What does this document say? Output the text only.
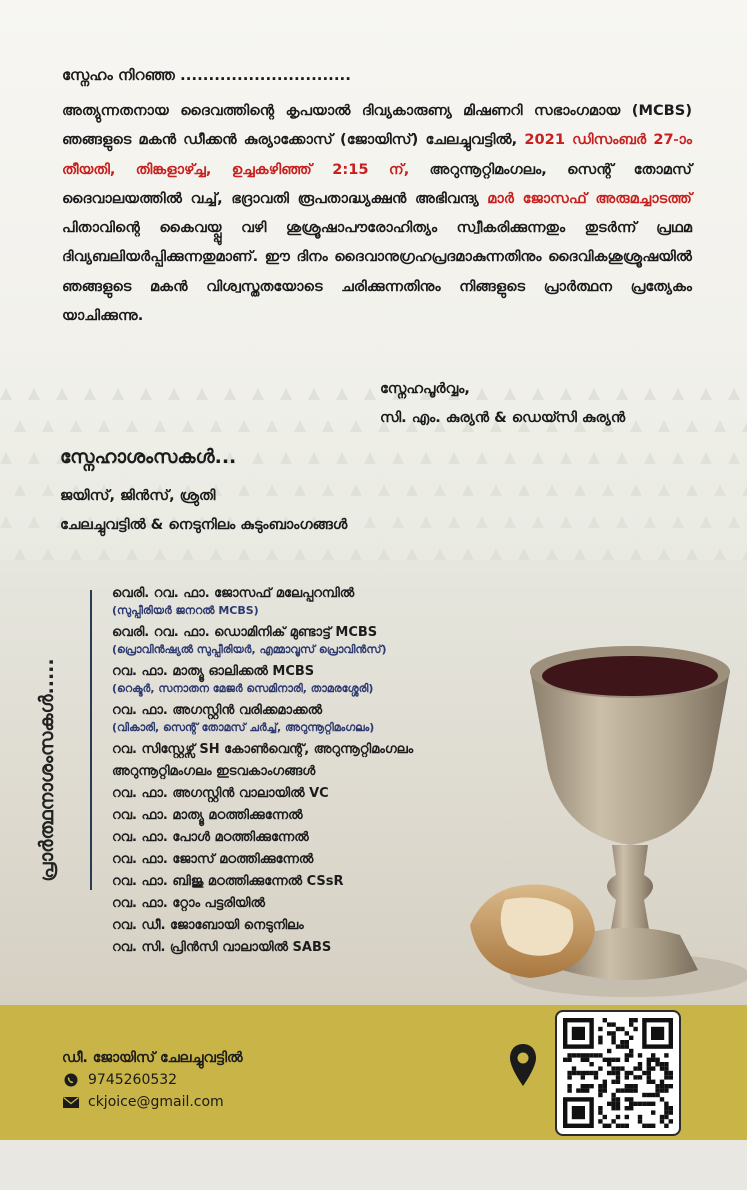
സ്നേഹം നിറഞ്ഞ ..............................
അത്യുന്നതനായ ദൈവത്തിന്റെ കൃപയാൽ ദിവ്യകാരുണ്യ മിഷണറി സഭാംഗമായ (MCBS) ഞങ്ങളുടെ മകൻ ഡീക്കൻ കുര്യാക്കോസ് (ജോയിസ്) ചേലച്ചുവട്ടിൽ, 2021 ഡിസംബർ 27-ാം തീയതി, തിങ്കളാഴ്ച്ച, ഉച്ചകഴിഞ്ഞ് 2:15 ന്, അറുന്നൂറ്റിമംഗലം, സെന്റ് തോമസ് ദൈവാലയത്തിൽ വച്ച്, ഭദ്രാവതി രൂപതാദ്ധ്യക്ഷൻ അഭിവന്ദ്യ മാർ ജോസഫ് അരുമച്ചാടത്ത് പിതാവിന്റെ കൈവയ്പ്പു വഴി ശുശ്രൂഷാപൗരോഹിത്യം സ്വീകരിക്കുന്നതും തുടർന്ന് പ്രഥമ ദിവ്യബലിയർപ്പിക്കുന്നതുമാണ്. ഈ ദിനം ദൈവാനുഗ്രഹപ്രദമാകുന്നതിനും ദൈവികശുശ്രൂഷയിൽ ഞങ്ങളുടെ മകൻ വിശ്വസ്തതയോടെ ചരിക്കുന്നതിനും നിങ്ങളുടെ പ്രാർത്ഥന പ്രത്യേകം യാചിക്കുന്നു.
സ്നേഹപൂർവ്വം,
സി. എം. കുര്യൻ & ഡെയ്സി കുര്യൻ
സ്നേഹാശംസകൾ...
ജയിസ്, ജിൻസ്, ശ്രുതി
ചേലച്ചുവട്ടിൽ & നെടുനിലം കുടുംബാംഗങ്ങൾ
പ്രാർത്ഥനാശംസകൾ.....
വെരി. റവ. ഫാ. ജോസഫ് മലേപ്പറമ്പിൽ
(സുപ്പീരിയർ ജനറൽ MCBS)
വെരി. റവ. ഫാ. ഡൊമിനിക് മുണ്ടാട്ട് MCBS
(പ്രൊവിൻഷ്യൽ സുപ്പീരിയർ, എമ്മാവൂസ് പ്രൊവിൻസ്)
റവ. ഫാ. മാത്യൂ ഓലിക്കൽ MCBS
(റെക്ടർ, സനാതന മേജർ സെമിനാരി, താമരശ്ശേരി)
റവ. ഫാ. അഗസ്റ്റിൻ വരിക്കമാക്കൽ
(വികാരി, സെന്റ് തോമസ് ചർച്ച്, അറുന്നൂറ്റിമംഗലം)
റവ. സിസ്റ്റേഴ്സ് SH കോൺവെന്റ്, അറുന്നൂറ്റിമംഗലം
അറുന്നൂറ്റിമംഗലം ഇടവകാംഗങ്ങൾ
റവ. ഫാ. അഗസ്റ്റിൻ വാലായിൽ VC
റവ. ഫാ. മാത്യൂ മഠത്തിക്കുന്നേൽ
റവ. ഫാ. പോൾ മഠത്തിക്കുന്നേൽ
റവ. ഫാ. ജോസ് മഠത്തിക്കുന്നേൽ
റവ. ഫാ. ബിജു മഠത്തിക്കുന്നേൽ CSsR
റവ. ഫാ. റ്റോം പട്ടരിയിൽ
റവ. ഡീ. ജോബോയി നെടുനിലം
റവ. സി. പ്രിൻസി വാലായിൽ SABS
ഡീ. ജോയിസ് ചേലച്ചുവട്ടിൽ
9745260532
ckjoice@gmail.com
